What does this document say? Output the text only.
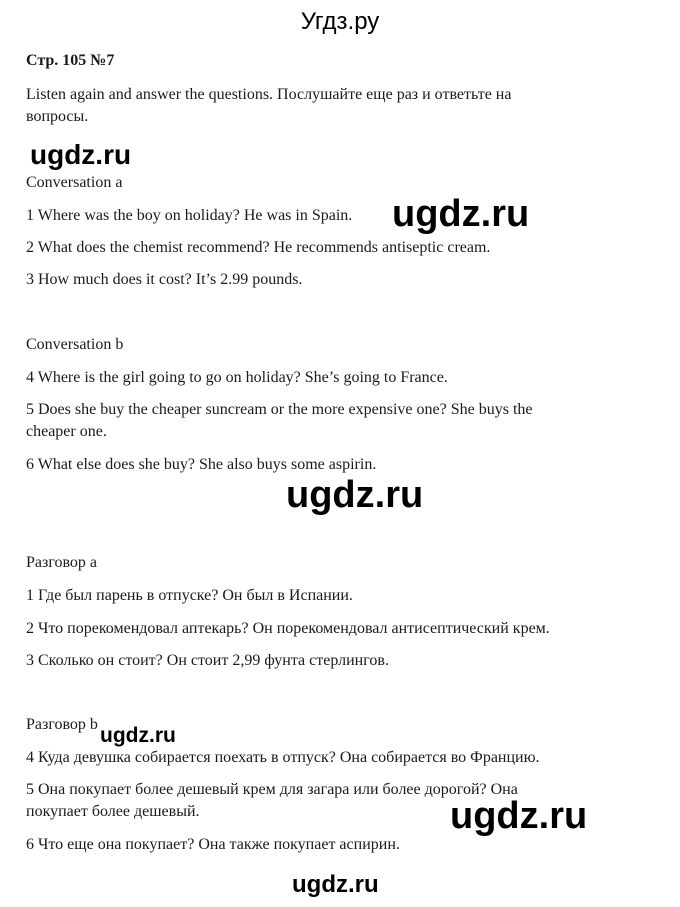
Угдз.ру
Стр. 105 №7
Listen again and answer the questions. Послушайте еще раз и ответьте на
вопросы.
Conversation a
1 Where was the boy on holiday? He was in Spain.
2 What does the chemist recommend? He recommends antiseptic cream.
3 How much does it cost? It’s 2.99 pounds.
Conversation b
4 Where is the girl going to go on holiday? She’s going to France.
5 Does she buy the cheaper suncream or the more expensive one? She buys the
cheaper one.
6 What else does she buy? She also buys some aspirin.
Разговор a
1 Где был парень в отпуске? Он был в Испании.
2 Что порекомендовал аптекарь? Он порекомендовал антисептический крем.
3 Сколько он стоит? Он стоит 2,99 фунта стерлингов.
Разговор b
4 Куда девушка собирается поехать в отпуск? Она собирается во Францию.
5 Она покупает более дешевый крем для загара или более дорогой? Она
покупает более дешевый.
6 Что еще она покупает? Она также покупает аспирин.
ugdz.ru
ugdz.ru
ugdz.ru
ugdz.ru
ugdz.ru
ugdz.ru
